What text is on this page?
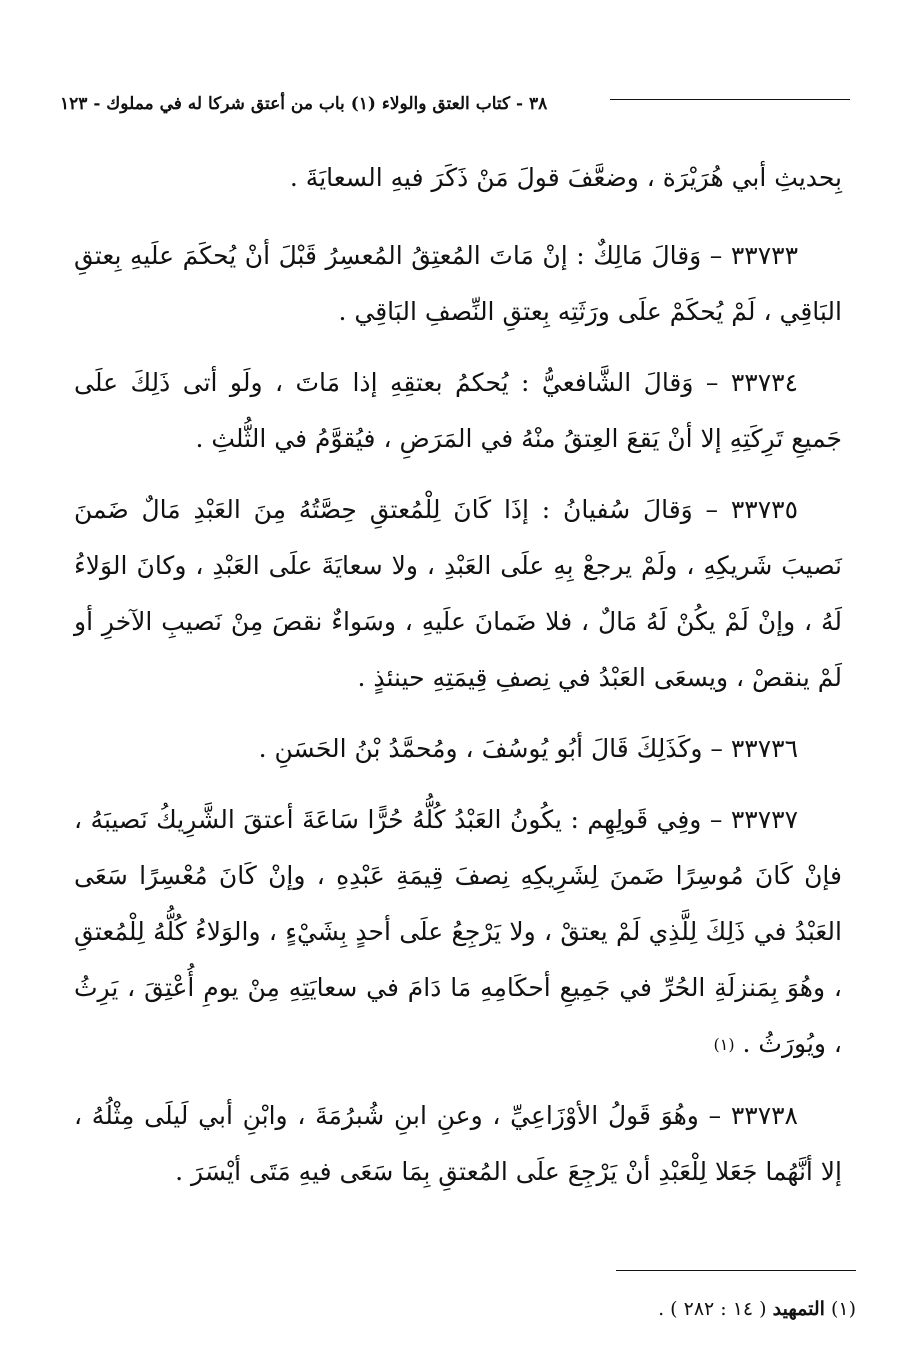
٣٨ - كتاب العتق والولاء (١) باب من أعتق شركا له في مملوك - ١٢٣

بِحديثِ أبي هُرَيْرَة ، وضعَّفَ قولَ مَنْ ذَكَرَ فيهِ السعايَةَ .

٣٣٧٣٣ – وَقالَ مَالِكٌ : إنْ مَاتَ المُعتِقُ المُعسِرُ قَبْلَ أنْ يُحكَمَ علَيهِ بِعتقِ البَاقِي ، لَمْ يُحكَمْ علَى ورَثَتِه بِعتقِ النِّصفِ البَاقِي .

٣٣٧٣٤ – وَقالَ الشَّافعيُّ : يُحكمُ بعتقِهِ إذا مَاتَ ، ولَو أتى ذَلِكَ علَى جَميعِ تَرِكَتِهِ إلا أنْ يَقعَ العِتقُ منْهُ في المَرَضِ ، فيُقوَّمُ في الثُّلثِ .

٣٣٧٣٥ – وَقالَ سُفيانُ : إذَا كَانَ لِلْمُعتقِ حِصَّتُهُ مِنَ العَبْدِ مَالٌ ضَمنَ نَصيبَ شَريكِهِ ، ولَمْ يرجعْ بِهِ علَى العَبْدِ ، ولا سعايَةَ علَى العَبْدِ ، وكانَ الوَلاءُ لَهُ ، وإنْ لَمْ يكُنْ لَهُ مَالٌ ، فلا ضَمانَ علَيهِ ، وسَواءٌ نقصَ مِنْ نَصيبِ الآخرِ أو لَمْ ينقصْ ، ويسعَى العَبْدُ في نِصفِ قِيمَتِهِ حينئذٍ .

٣٣٧٣٦ – وكَذَلِكَ قَالَ أبُو يُوسُفَ ، ومُحمَّدُ بْنُ الحَسَنِ .

٣٣٧٣٧ – وفِي قَولِهِم : يكُونُ العَبْدُ كُلُّهُ حُرًّا سَاعَةَ أعتقَ الشَّرِيكُ نَصيبَهُ ، فإنْ كَانَ مُوسِرًا ضَمنَ لِشَرِيكِهِ نِصفَ قِيمَةِ عَبْدِهِ ، وإنْ كَانَ مُعْسِرًا سَعَى العَبْدُ في ذَلِكَ لِلَّذِي لَمْ يعتقْ ، ولا يَرْجِعُ علَى أحدٍ بِشَيْءٍ ، والوَلاءُ كُلُّهُ لِلْمُعتقِ ، وهُوَ بِمَنزلَةِ الحُرِّ في جَمِيعِ أحكَامِهِ مَا دَامَ في سعايَتِهِ مِنْ يومِ أُعْتِقَ ، يَرِثُ ، ويُورَثُ . (١)

٣٣٧٣٨ – وهُوَ قَولُ الأوْزَاعِيِّ ، وعنِ ابنِ شُبرُمَةَ ، وابْنِ أبي لَيلَى مِثْلُهُ ، إلا أنَّهُما جَعَلا لِلْعَبْدِ أنْ يَرْجِعَ علَى المُعتقِ بِمَا سَعَى فيهِ مَتَى أيْسَرَ .

(١) التمهيد ( ١٤ : ٢٨٢ ) .
